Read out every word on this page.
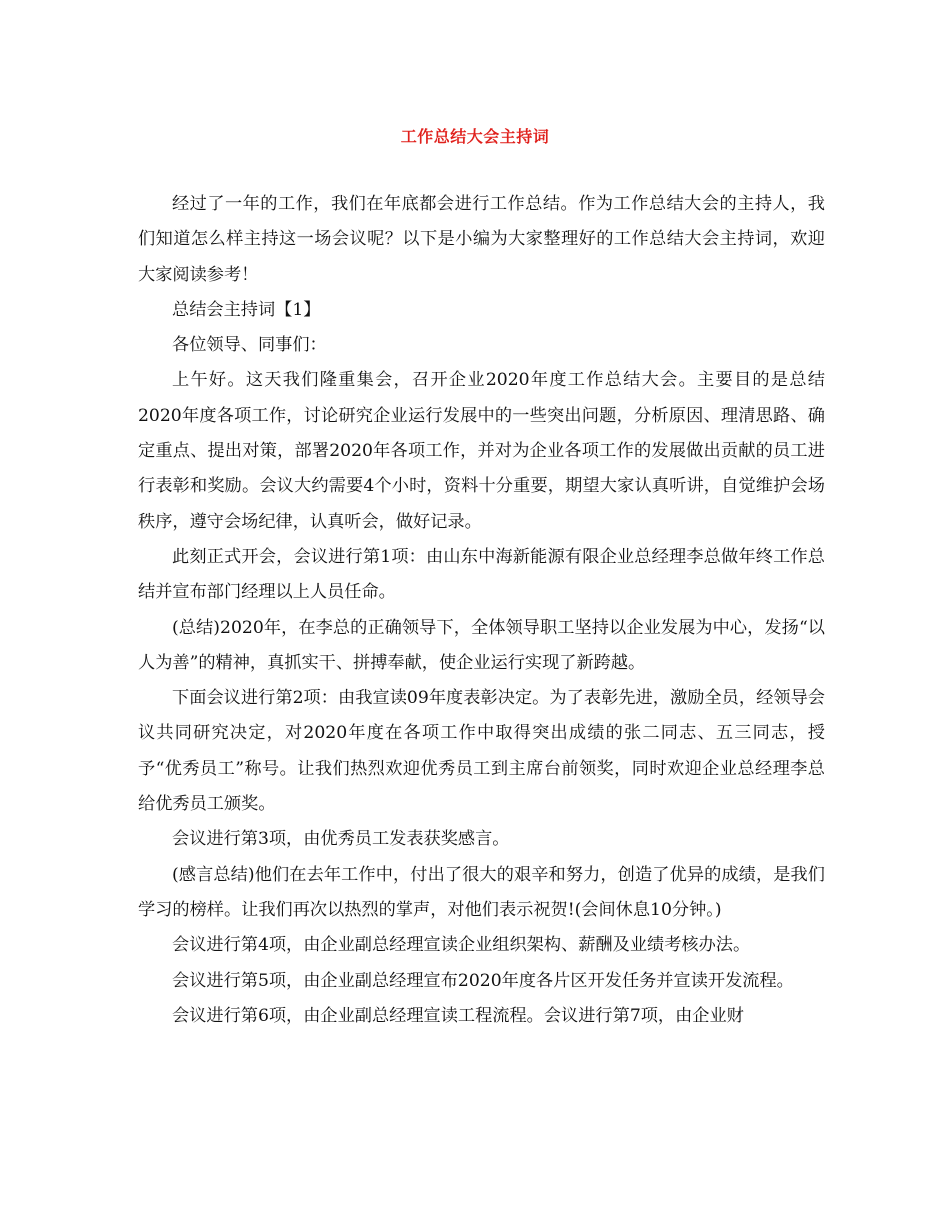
工作总结大会主持词

经过了一年的工作，我们在年底都会进行工作总结。作为工作总结大会的主持人，我们知道怎么样主持这一场会议呢？以下是小编为大家整理好的工作总结大会主持词，欢迎大家阅读参考！

总结会主持词【1】

各位领导、同事们：

上午好。这天我们隆重集会，召开企业2020年度工作总结大会。主要目的是总结2020年度各项工作，讨论研究企业运行发展中的一些突出问题，分析原因、理清思路、确定重点、提出对策，部署2020年各项工作，并对为企业各项工作的发展做出贡献的员工进行表彰和奖励。会议大约需要4个小时，资料十分重要，期望大家认真听讲，自觉维护会场秩序，遵守会场纪律，认真听会，做好记录。

此刻正式开会，会议进行第1项：由山东中海新能源有限企业总经理李总做年终工作总结并宣布部门经理以上人员任命。

(总结)2020年，在李总的正确领导下，全体领导职工坚持以企业发展为中心，发扬“以人为善”的精神，真抓实干、拼搏奉献，使企业运行实现了新跨越。

下面会议进行第2项：由我宣读09年度表彰决定。为了表彰先进，激励全员，经领导会议共同研究决定，对2020年度在各项工作中取得突出成绩的张二同志、五三同志，授予“优秀员工”称号。让我们热烈欢迎优秀员工到主席台前领奖，同时欢迎企业总经理李总给优秀员工颁奖。

会议进行第3项，由优秀员工发表获奖感言。

(感言总结)他们在去年工作中，付出了很大的艰辛和努力，创造了优异的成绩，是我们学习的榜样。让我们再次以热烈的掌声，对他们表示祝贺!(会间休息10分钟。)

会议进行第4项，由企业副总经理宣读企业组织架构、薪酬及业绩考核办法。

会议进行第5项，由企业副总经理宣布2020年度各片区开发任务并宣读开发流程。

会议进行第6项，由企业副总经理宣读工程流程。会议进行第7项，由企业财
